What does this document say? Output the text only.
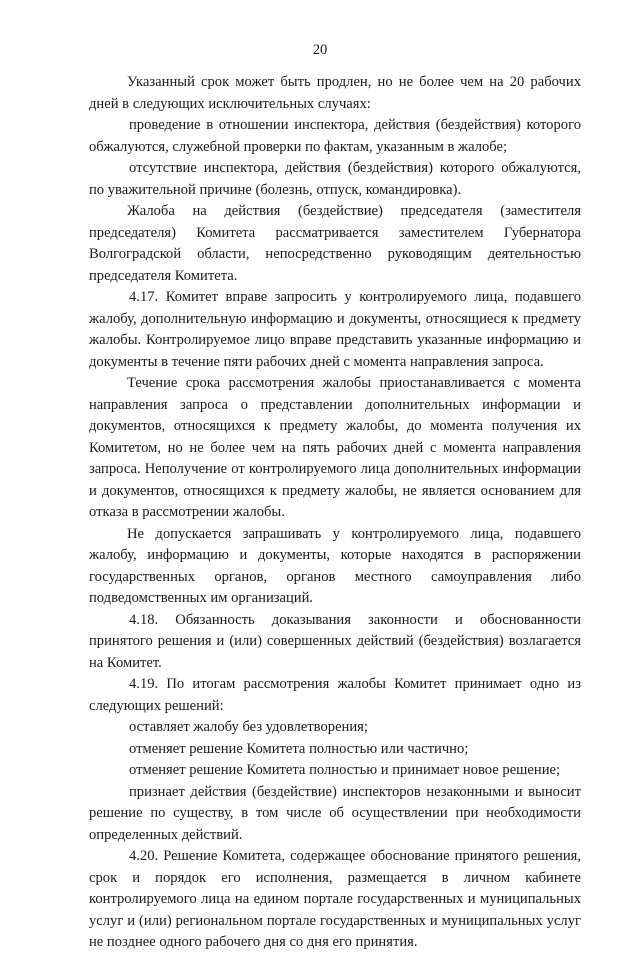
20

Указанный срок может быть продлен, но не более чем на 20 рабочих дней в следующих исключительных случаях:

проведение в отношении инспектора, действия (бездействия) которого обжалуются, служебной проверки по фактам, указанным в жалобе;

отсутствие инспектора, действия (бездействия) которого обжалуются, по уважительной причине (болезнь, отпуск, командировка).

Жалоба на действия (бездействие) председателя (заместителя председателя) Комитета рассматривается заместителем Губернатора Волгоградской области, непосредственно руководящим деятельностью председателя Комитета.

4.17. Комитет вправе запросить у контролируемого лица, подавшего жалобу, дополнительную информацию и документы, относящиеся к предмету жалобы. Контролируемое лицо вправе представить указанные информацию и документы в течение пяти рабочих дней с момента направления запроса.

Течение срока рассмотрения жалобы приостанавливается с момента направления запроса о представлении дополнительных информации и документов, относящихся к предмету жалобы, до момента получения их Комитетом, но не более чем на пять рабочих дней с момента направления запроса. Неполучение от контролируемого лица дополнительных информации и документов, относящихся к предмету жалобы, не является основанием для отказа в рассмотрении жалобы.

Не допускается запрашивать у контролируемого лица, подавшего жалобу, информацию и документы, которые находятся в распоряжении государственных органов, органов местного самоуправления либо подведомственных им организаций.

4.18. Обязанность доказывания законности и обоснованности принятого решения и (или) совершенных действий (бездействия) возлагается на Комитет.

4.19. По итогам рассмотрения жалобы Комитет принимает одно из следующих решений:

оставляет жалобу без удовлетворения;

отменяет решение Комитета полностью или частично;

отменяет решение Комитета полностью и принимает новое решение;

признает действия (бездействие) инспекторов незаконными и выносит решение по существу, в том числе об осуществлении при необходимости определенных действий.

4.20. Решение Комитета, содержащее обоснование принятого решения, срок и порядок его исполнения, размещается в личном кабинете контролируемого лица на едином портале государственных и муниципальных услуг и (или) региональном портале государственных и муниципальных услуг не позднее одного рабочего дня со дня его принятия.
